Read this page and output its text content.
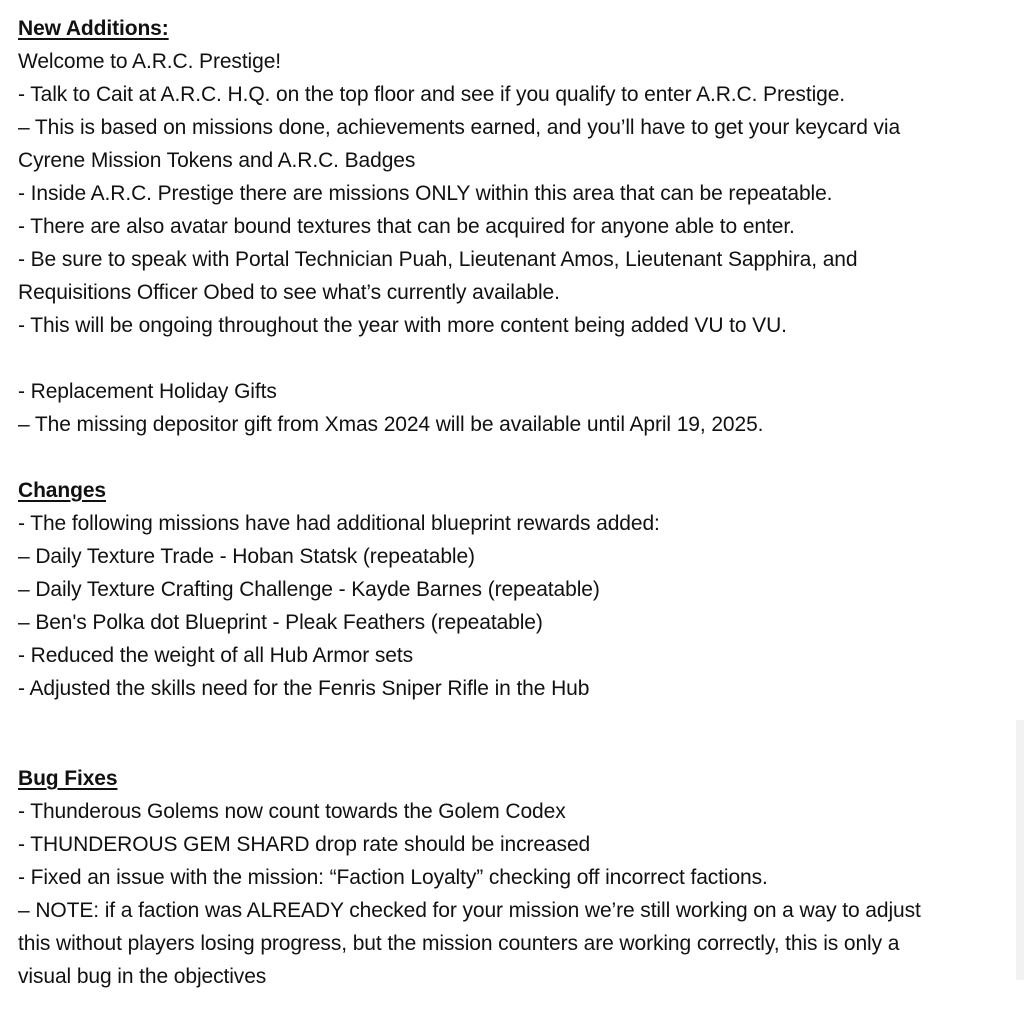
New Additions:
Welcome to A.R.C. Prestige!
- Talk to Cait at A.R.C. H.Q. on the top floor and see if you qualify to enter A.R.C. Prestige.
– This is based on missions done, achievements earned, and you’ll have to get your keycard via
Cyrene Mission Tokens and A.R.C. Badges
- Inside A.R.C. Prestige there are missions ONLY within this area that can be repeatable.
- There are also avatar bound textures that can be acquired for anyone able to enter.
- Be sure to speak with Portal Technician Puah, Lieutenant Amos, Lieutenant Sapphira, and
Requisitions Officer Obed to see what’s currently available.
- This will be ongoing throughout the year with more content being added VU to VU.
- Replacement Holiday Gifts
– The missing depositor gift from Xmas 2024 will be available until April 19, 2025.
Changes
- The following missions have had additional blueprint rewards added:
– Daily Texture Trade - Hoban Statsk (repeatable)
– Daily Texture Crafting Challenge - Kayde Barnes (repeatable)
– Ben's Polka dot Blueprint - Pleak Feathers (repeatable)
- Reduced the weight of all Hub Armor sets
- Adjusted the skills need for the Fenris Sniper Rifle in the Hub
Bug Fixes
- Thunderous Golems now count towards the Golem Codex
- THUNDEROUS GEM SHARD drop rate should be increased
- Fixed an issue with the mission: “Faction Loyalty” checking off incorrect factions.
– NOTE: if a faction was ALREADY checked for your mission we’re still working on a way to adjust
this without players losing progress, but the mission counters are working correctly, this is only a
visual bug in the objectives
